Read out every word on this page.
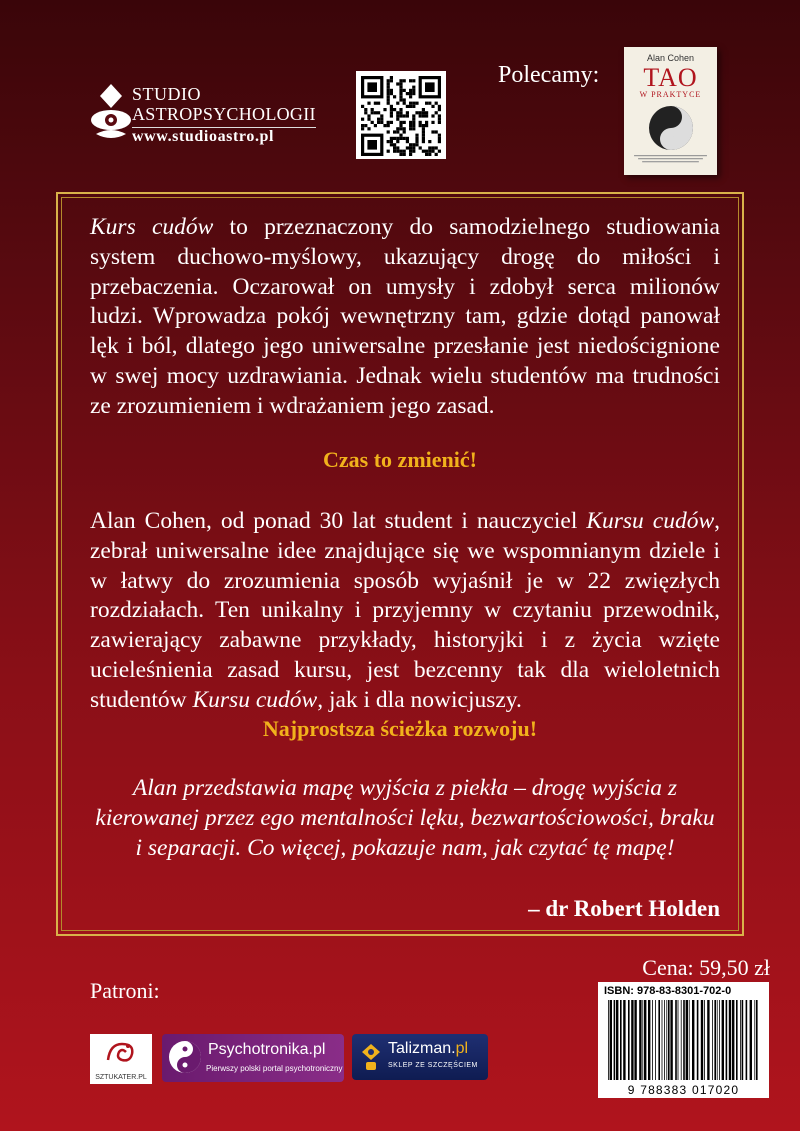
STUDIO
ASTROPSYCHOLOGII
www.studioastro.pl
Polecamy:
Alan Cohen
TAO
W PRAKTYCE
Kurs cudów to przeznaczony do samodzielnego studiowania system duchowo-myślowy, ukazujący drogę do miłości i przebaczenia. Oczarował on umysły i zdobył serca milionów ludzi. Wprowadza pokój wewnętrzny tam, gdzie dotąd panował lęk i ból, dlatego jego uniwersalne przesłanie jest niedoścignione w swej mocy uzdrawiania. Jednak wielu studentów ma trudności ze zrozumieniem i wdrażaniem jego zasad.
Czas to zmienić!
Alan Cohen, od ponad 30 lat student i nauczyciel Kursu cudów, zebrał uniwersalne idee znajdujące się we wspomnianym dziele i w łatwy do zrozumienia sposób wyjaśnił je w 22 zwięzłych rozdziałach. Ten unikalny i przyjemny w czytaniu przewodnik, zawierający zabawne przykłady, historyjki i z życia wzięte ucieleśnienia zasad kursu, jest bezcenny tak dla wieloletnich studentów Kursu cudów, jak i dla nowicjuszy.
Najprostsza ścieżka rozwoju!
Alan przedstawia mapę wyjścia z piekła – drogę wyjścia z kierowanej przez ego mentalności lęku, bezwartościowości, braku i separacji. Co więcej, pokazuje nam, jak czytać tę mapę!
– dr Robert Holden
Cena: 59,50 zł
Patroni:	ISBN: 978-83-8301-702-0
9 788383 017020
SZTUKATER.PL
Psychotronika.pl
Pierwszy polski portal psychotroniczny
Talizman.pl
SKLEP ZE SZCZĘŚCIEM
